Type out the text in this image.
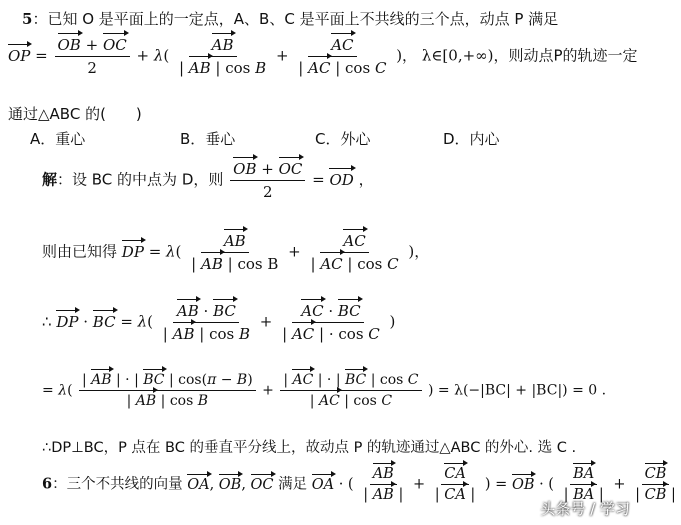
5：已知 O 是平面上的一定点，A、B、C 是平面上不共线的三个点，动点 P 满足
OP = $\frac{OB + OC}{2} + \lambda( \frac{AB}{\text{| AB | cos B}} + \frac{AC}{\text{| AC | cos C}}$ )， λ∈[0,+∞)，则动点P的轨迹一定
通过△ABC 的(　　)
A．重心	B．垂心	C．外心	D．内心
解：设 BC 的中点为 D，则 $\frac{OB + OC}{2}$ = OD ，
则由已知得 DP = $\lambda( \frac{AB}{\text{| AB | cos B}} + \frac{AC}{\text{| AC | cos C}}$ )，
∴ DP · BC = $\lambda( \frac{AB \cdot BC}{\text{| AB | cos B}} + \frac{AC \cdot BC}{\text{| AC | · cos C}}$ )
= $\lambda( \frac{| AB | \cdot | BC | \cos(\pi - B)}{\text{| AB | cos B}} + \frac{\text{| AC | · | BC | cos C}}{\text{| AC | cos C}}$ ) = λ(−|BC| + |BC|) = 0 .
∴DP⊥BC，P 点在 BC 的垂直平分线上，故动点 P 的轨迹通过△ABC 的外心. 选 C .
6：三个不共线的向量 OA, OB, OC 满足 OA · ( $\frac{AB}{| AB |} + \frac{CA}{| CA |}$ ) = OB · ( $\frac{BA}{| BA |} + \frac{CB}{| CB |}$
头条号 / 学习
